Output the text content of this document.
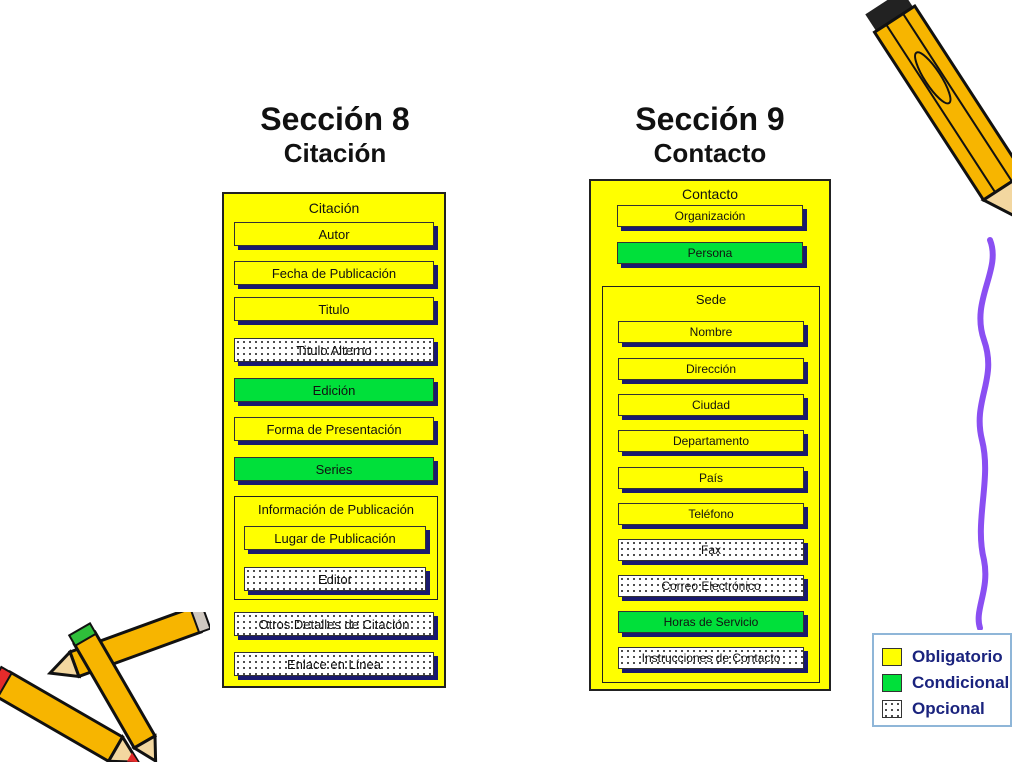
Sección 8
Citación
Sección 9
Contacto
Citación
Autor
Fecha de Publicación
Titulo
Titulo Alterno
Edición
Forma de Presentación
Series
Información de Publicación
Lugar de Publicación
Editor
Otros Detalles de Citación
Enlace en Línea
Contacto
Organización
Persona
Sede
Nombre
Dirección
Ciudad
Departamento
País
Teléfono
Fax
Correo Electrónico
Horas de Servicio
Instrucciones de Contacto	Obligatorio
Condicional
Opcional
